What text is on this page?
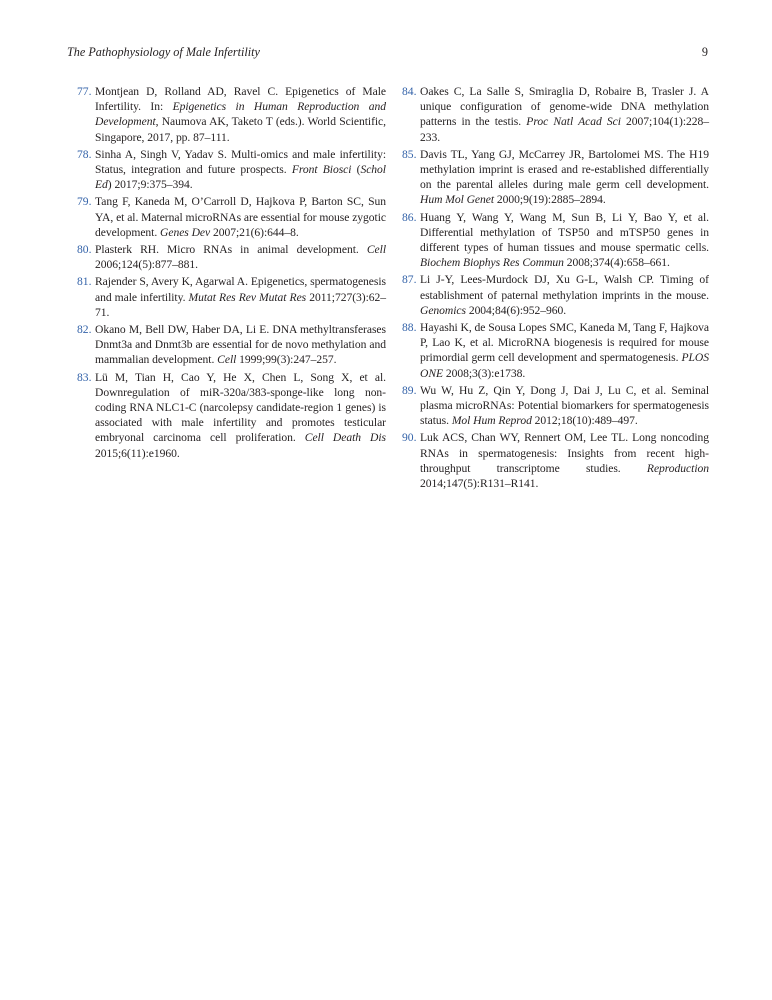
The Pathophysiology of Male Infertility	9
77. Montjean D, Rolland AD, Ravel C. Epigenetics of Male Infertility. In: Epigenetics in Human Reproduction and Development, Naumova AK, Taketo T (eds.). World Scientific, Singapore, 2017, pp. 87–111.
78. Sinha A, Singh V, Yadav S. Multi-omics and male infertility: Status, integration and future prospects. Front Biosci (Schol Ed) 2017;9:375–394.
79. Tang F, Kaneda M, O’Carroll D, Hajkova P, Barton SC, Sun YA, et al. Maternal microRNAs are essential for mouse zygotic development. Genes Dev 2007;21(6):644–8.
80. Plasterk RH. Micro RNAs in animal development. Cell 2006;124(5):877–881.
81. Rajender S, Avery K, Agarwal A. Epigenetics, spermatogenesis and male infertility. Mutat Res Rev Mutat Res 2011;727(3):62–71.
82. Okano M, Bell DW, Haber DA, Li E. DNA methyltransferases Dnmt3a and Dnmt3b are essential for de novo methylation and mammalian development. Cell 1999;99(3):247–257.
83. Lü M, Tian H, Cao Y, He X, Chen L, Song X, et al. Downregulation of miR-320a/383-sponge-like long non-coding RNA NLC1-C (narcolepsy candidate-region 1 genes) is associated with male infertility and promotes testicular embryonal carcinoma cell proliferation. Cell Death Dis 2015;6(11):e1960.
84. Oakes C, La Salle S, Smiraglia D, Robaire B, Trasler J. A unique configuration of genome-wide DNA methylation patterns in the testis. Proc Natl Acad Sci 2007;104(1):228–233.
85. Davis TL, Yang GJ, McCarrey JR, Bartolomei MS. The H19 methylation imprint is erased and re-established differentially on the parental alleles during male germ cell development. Hum Mol Genet 2000;9(19):2885–2894.
86. Huang Y, Wang Y, Wang M, Sun B, Li Y, Bao Y, et al. Differential methylation of TSP50 and mTSP50 genes in different types of human tissues and mouse spermatic cells. Biochem Biophys Res Commun 2008;374(4):658–661.
87. Li J-Y, Lees-Murdock DJ, Xu G-L, Walsh CP. Timing of establishment of paternal methylation imprints in the mouse. Genomics 2004;84(6):952–960.
88. Hayashi K, de Sousa Lopes SMC, Kaneda M, Tang F, Hajkova P, Lao K, et al. MicroRNA biogenesis is required for mouse primordial germ cell development and spermatogenesis. PLOS ONE 2008;3(3):e1738.
89. Wu W, Hu Z, Qin Y, Dong J, Dai J, Lu C, et al. Seminal plasma microRNAs: Potential biomarkers for spermatogenesis status. Mol Hum Reprod 2012;18(10):489–497.
90. Luk ACS, Chan WY, Rennert OM, Lee TL. Long noncoding RNAs in spermatogenesis: Insights from recent high-throughput transcriptome studies. Reproduction 2014;147(5):R131–R141.
